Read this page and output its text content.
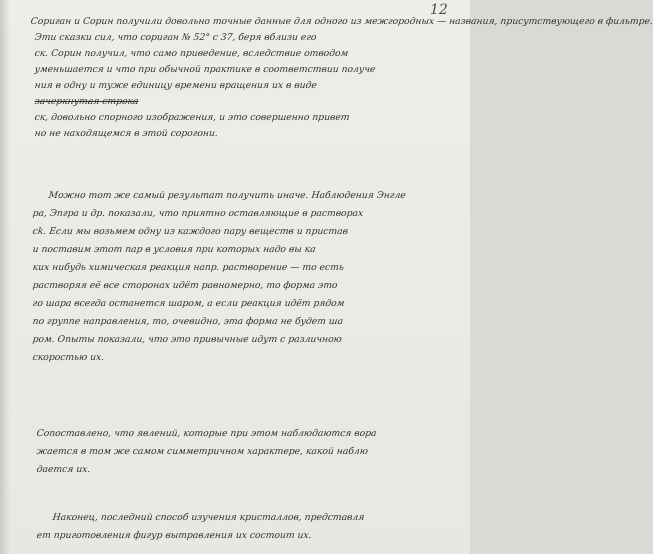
12
Сориган и Сорин получили довольно точные данные для одного из межгородных — названия, присутствующего в фильтре.
Эти сказки сил, что сориган № 52° с 37, беря вблизи его
ск. Сорин получил, что само приведение, вследствие отводом
уменьшается и что при обычной практике в соответствии получе
ния в одну и туже единицу времени вращения их в виде
зачеркнутая строка
ск, довольно спорного изображения, и это совершенно привет
но не находящемся в этой сорогони.
Можно тот же самый результат получить иначе. Наблюдения Энгле
ра, Эпгра и др. показали, что приятно оставляющие в растворах
сk. Если мы возьмем одну из каждого пару веществ и пристав
и поставим этот пар в условия при которых надо вы ка
ких нибудь химическая реакция напр. растворение — то есть
растворяя её все сторонах идёт равномерно, то форма это
го шара всегда останется шаром, а если реакция идёт рядом
по группе направления, то, очевидно, эта форма не будет ша
ром. Опыты показали, что это привычные идут с различною
скоростью их.
Сопоставлено, что явлений, которые при этом наблюдаются вора
жается в том же самом симметричном характере, какой наблю
дается их.
Наконец, последний способ изучения кристаллов, представля
ет приготовления фигур вытравления их состоит их.
